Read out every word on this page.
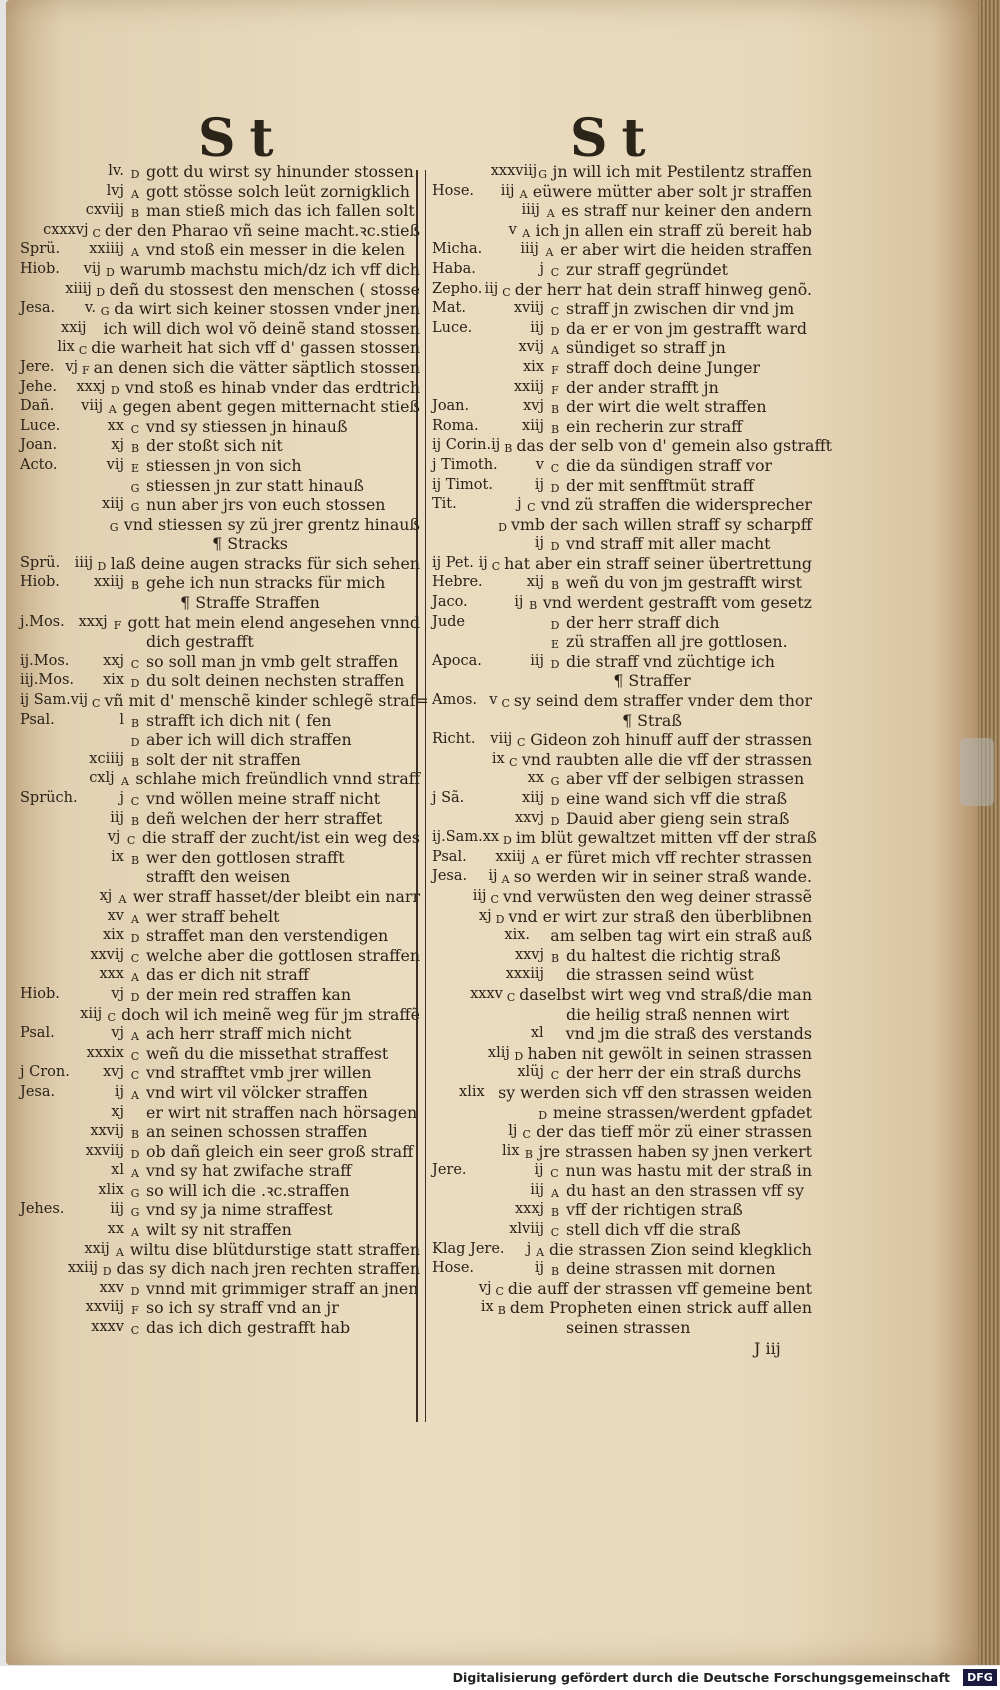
St	St
lv. D gott du wirst sy hinunder stossen
lvj A gott stösse solch leüt zornigklich
cxviij B man stieß mich das ich fallen solt
cxxxvj C der den Pharao vñ seine macht.ꝛc.stieß
Sprü.	xxiiij A vnd stoß ein messer in die kelen
Hiob.	vij D warumb machstu mich/dz ich vff dich
xiiij D deñ du stossest den menschen ( stosse
Jesa.	v. G da wirt sich keiner stossen vnder jnen
xxij ich will dich wol võ deinẽ stand stossen
lix C die warheit hat sich vff d' gassen stossen
Jere. vj F an denen sich die vätter säptlich stossen
Jehe.	xxxj D vnd stoß es hinab vnder das erdtrich
Dañ.	viij A gegen abent gegen mitternacht stieß
Luce.	xx C vnd sy stiessen jn hinauß
Joan.	xj B der stoßt sich nit
Acto.	vij E stiessen jn von sich
G stiessen jn zur statt hinauß
xiij G nun aber jrs von euch stossen
G vnd stiessen sy zü jrer grentz hinauß
¶ Stracks
Sprü.	iiij D laß deine augen stracks für sich sehen
Hiob.	xxiij B gehe ich nun stracks für mich
¶ Straffe Straffen
j.Mos. xxxj F gott hat mein elend angesehen vnnd
dich gestrafft
ij.Mos.	xxj C so soll man jn vmb gelt straffen
iij.Mos.	xix D du solt deinen nechsten straffen
ij Sam. vij C vñ mit d' menschẽ kinder schlegẽ straf=
Psal.	l B strafft ich dich nit ( fen
D aber ich will dich straffen
xciiij B solt der nit straffen
cxlj A schlahe mich freündlich vnnd straff
Sprüch.	j C vnd wöllen meine straff nicht
iij B deñ welchen der herr straffet
vj C die straff der zucht/ist ein weg des
ix B wer den gottlosen strafft
strafft den weisen
xj A wer straff hasset/der bleibt ein narr
xv A wer straff behelt
xix D straffet man den verstendigen
xxvij C welche aber die gottlosen straffen
xxx A das er dich nit straff
Hiob.	vj D der mein red straffen kan
xiij C doch wil ich meinẽ weg für jm straffẽ
Psal.	vj A ach herr straff mich nicht
xxxix C weñ du die missethat straffest
j Cron.	xvj C vnd strafftet vmb jrer willen
Jesa.	ij A vnd wirt vil völcker straffen
xj er wirt nit straffen nach hörsagen
xxvij B an seinen schossen straffen
xxviij D ob dañ gleich ein seer groß straff
xl A vnd sy hat zwifache straff
xlix G so will ich die .ꝛc.straffen
Jehes.	iij G vnd sy ja nime straffest
xx A wilt sy nit straffen
xxij A wiltu dise blütdurstige statt straffen
xxiij D das sy dich nach jren rechten straffen
xxv D vnnd mit grimmiger straff an jnen
xxviij F so ich sy straff vnd an jr
xxxv C das ich dich gestrafft hab
xxxviij G jn will ich mit Pestilentz straffen
Hose.	iij A eüwere mütter aber solt jr straffen
iiij A es straff nur keiner den andern
v A ich jn allen ein straff zü bereit hab
Micha.	iiij A er aber wirt die heiden straffen
Haba.	j C zur straff gegründet
Zepho. iij C der herr hat dein straff hinweg genõ.
Mat.	xviij C straff jn zwischen dir vnd jm
Luce.	iij D da er er von jm gestrafft ward
xvij A sündiget so straff jn
xix F straff doch deine Junger
xxiij F der ander strafft jn
Joan.	xvj B der wirt die welt straffen
Roma.	xiij B ein recherin zur straff
ij Corin. ij B das der selb von d' gemein also gstrafft
j Timoth.	v C die da sündigen straff vor
ij Timot.	ij D der mit senfftmüt straff
Tit.	j C vnd zü straffen die widersprecher
D vmb der sach willen straff sy scharpff
ij D vnd straff mit aller macht
ij Pet. ij C hat aber ein straff seiner übertrettung
Hebre.	xij B weñ du von jm gestrafft wirst
Jaco.	ij B vnd werdent gestrafft vom gesetz
Jude	D der herr straff dich
E zü straffen all jre gottlosen.
Apoca.	iij D die straff vnd züchtige ich
¶ Straffer
Amos. v C sy seind dem straffer vnder dem thor
¶ Straß
Richt.	viij C Gideon zoh hinuff auff der strassen
ix C vnd raubten alle die vff der strassen
xx G aber vff der selbigen strassen
j Sã.	xiij D eine wand sich vff die straß
xxvj D Dauid aber gieng sein straß
ij.Sam. xx D im blüt gewaltzet mitten vff der straß
Psal.	xxiij A er füret mich vff rechter strassen
Jesa.	ij A so werden wir in seiner straß wande.
iij C vnd verwüsten den weg deiner strassẽ
xj D vnd er wirt zur straß den überblibnen
xix. am selben tag wirt ein straß auß
xxvj B du haltest die richtig straß
xxxiij die strassen seind wüst
xxxv C daselbst wirt weg vnd straß/die man
die heilig straß nennen wirt
xl vnd jm die straß des verstands
xlij D haben nit gewölt in seinen strassen
xlüj C der herr der ein straß durchs
xlix sy werden sich vff den strassen weiden
D meine strassen/werdent gpfadet
lj C der das tieff mör zü einer strassen
lix B jre strassen haben sy jnen verkert
Jere.	ij C nun was hastu mit der straß in
iij A du hast an den strassen vff sy
xxxj B vff der richtigen straß
xlviij C stell dich vff die straß
Klag Jere.	j A die strassen Zion seind klegklich
Hose.	ij B deine strassen mit dornen
vj C die auff der strassen vff gemeine bent
ix B dem Propheten einen strick auff allen
seinen strassen
J iij
Digitalisierung gefördert durch die Deutsche Forschungsgemeinschaft	DFG
